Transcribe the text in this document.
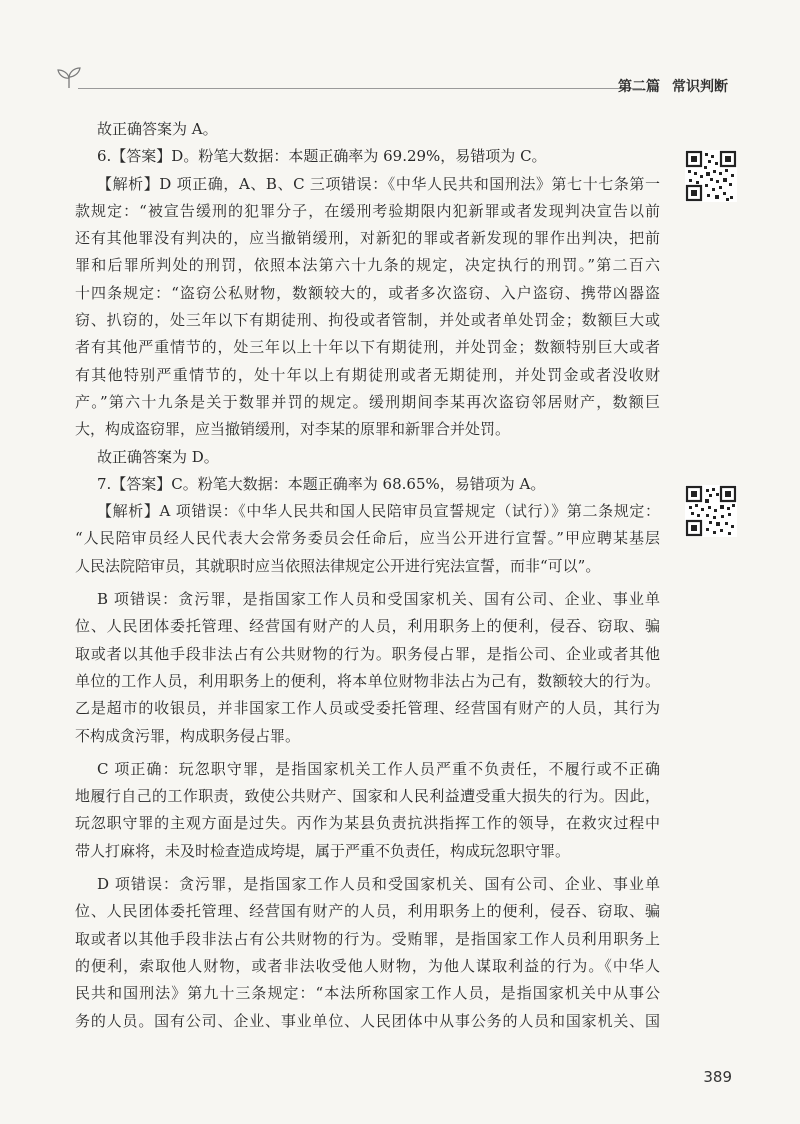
第二篇 常识判断
故正确答案为 A。
6.【答案】D。粉笔大数据：本题正确率为 69.29%，易错项为 C。
【解析】D 项正确，A、B、C 三项错误：《中华人民共和国刑法》第七十七条第一
款规定：“被宣告缓刑的犯罪分子，在缓刑考验期限内犯新罪或者发现判决宣告以前
还有其他罪没有判决的，应当撤销缓刑，对新犯的罪或者新发现的罪作出判决，把前
罪和后罪所判处的刑罚，依照本法第六十九条的规定，决定执行的刑罚。”第二百六
十四条规定：“盗窃公私财物，数额较大的，或者多次盗窃、入户盗窃、携带凶器盗
窃、扒窃的，处三年以下有期徒刑、拘役或者管制，并处或者单处罚金；数额巨大或
者有其他严重情节的，处三年以上十年以下有期徒刑，并处罚金；数额特别巨大或者
有其他特别严重情节的，处十年以上有期徒刑或者无期徒刑，并处罚金或者没收财
产。”第六十九条是关于数罪并罚的规定。缓刑期间李某再次盗窃邻居财产，数额巨
大，构成盗窃罪，应当撤销缓刑，对李某的原罪和新罪合并处罚。
故正确答案为 D。
7.【答案】C。粉笔大数据：本题正确率为 68.65%，易错项为 A。
【解析】A 项错误：《中华人民共和国人民陪审员宣誓规定（试行）》第二条规定：
“人民陪审员经人民代表大会常务委员会任命后，应当公开进行宣誓。”甲应聘某基层
人民法院陪审员，其就职时应当依照法律规定公开进行宪法宣誓，而非“可以”。
B 项错误：贪污罪，是指国家工作人员和受国家机关、国有公司、企业、事业单
位、人民团体委托管理、经营国有财产的人员，利用职务上的便利，侵吞、窃取、骗
取或者以其他手段非法占有公共财物的行为。职务侵占罪，是指公司、企业或者其他
单位的工作人员，利用职务上的便利，将本单位财物非法占为己有，数额较大的行为。
乙是超市的收银员，并非国家工作人员或受委托管理、经营国有财产的人员，其行为
不构成贪污罪，构成职务侵占罪。
C 项正确：玩忽职守罪，是指国家机关工作人员严重不负责任，不履行或不正确
地履行自己的工作职责，致使公共财产、国家和人民利益遭受重大损失的行为。因此，
玩忽职守罪的主观方面是过失。丙作为某县负责抗洪指挥工作的领导，在救灾过程中
带人打麻将，未及时检查造成垮堤，属于严重不负责任，构成玩忽职守罪。
D 项错误：贪污罪，是指国家工作人员和受国家机关、国有公司、企业、事业单
位、人民团体委托管理、经营国有财产的人员，利用职务上的便利，侵吞、窃取、骗
取或者以其他手段非法占有公共财物的行为。受贿罪，是指国家工作人员利用职务上
的便利，索取他人财物，或者非法收受他人财物，为他人谋取利益的行为。《中华人
民共和国刑法》第九十三条规定：“本法所称国家工作人员，是指国家机关中从事公
务的人员。国有公司、企业、事业单位、人民团体中从事公务的人员和国家机关、国
389
